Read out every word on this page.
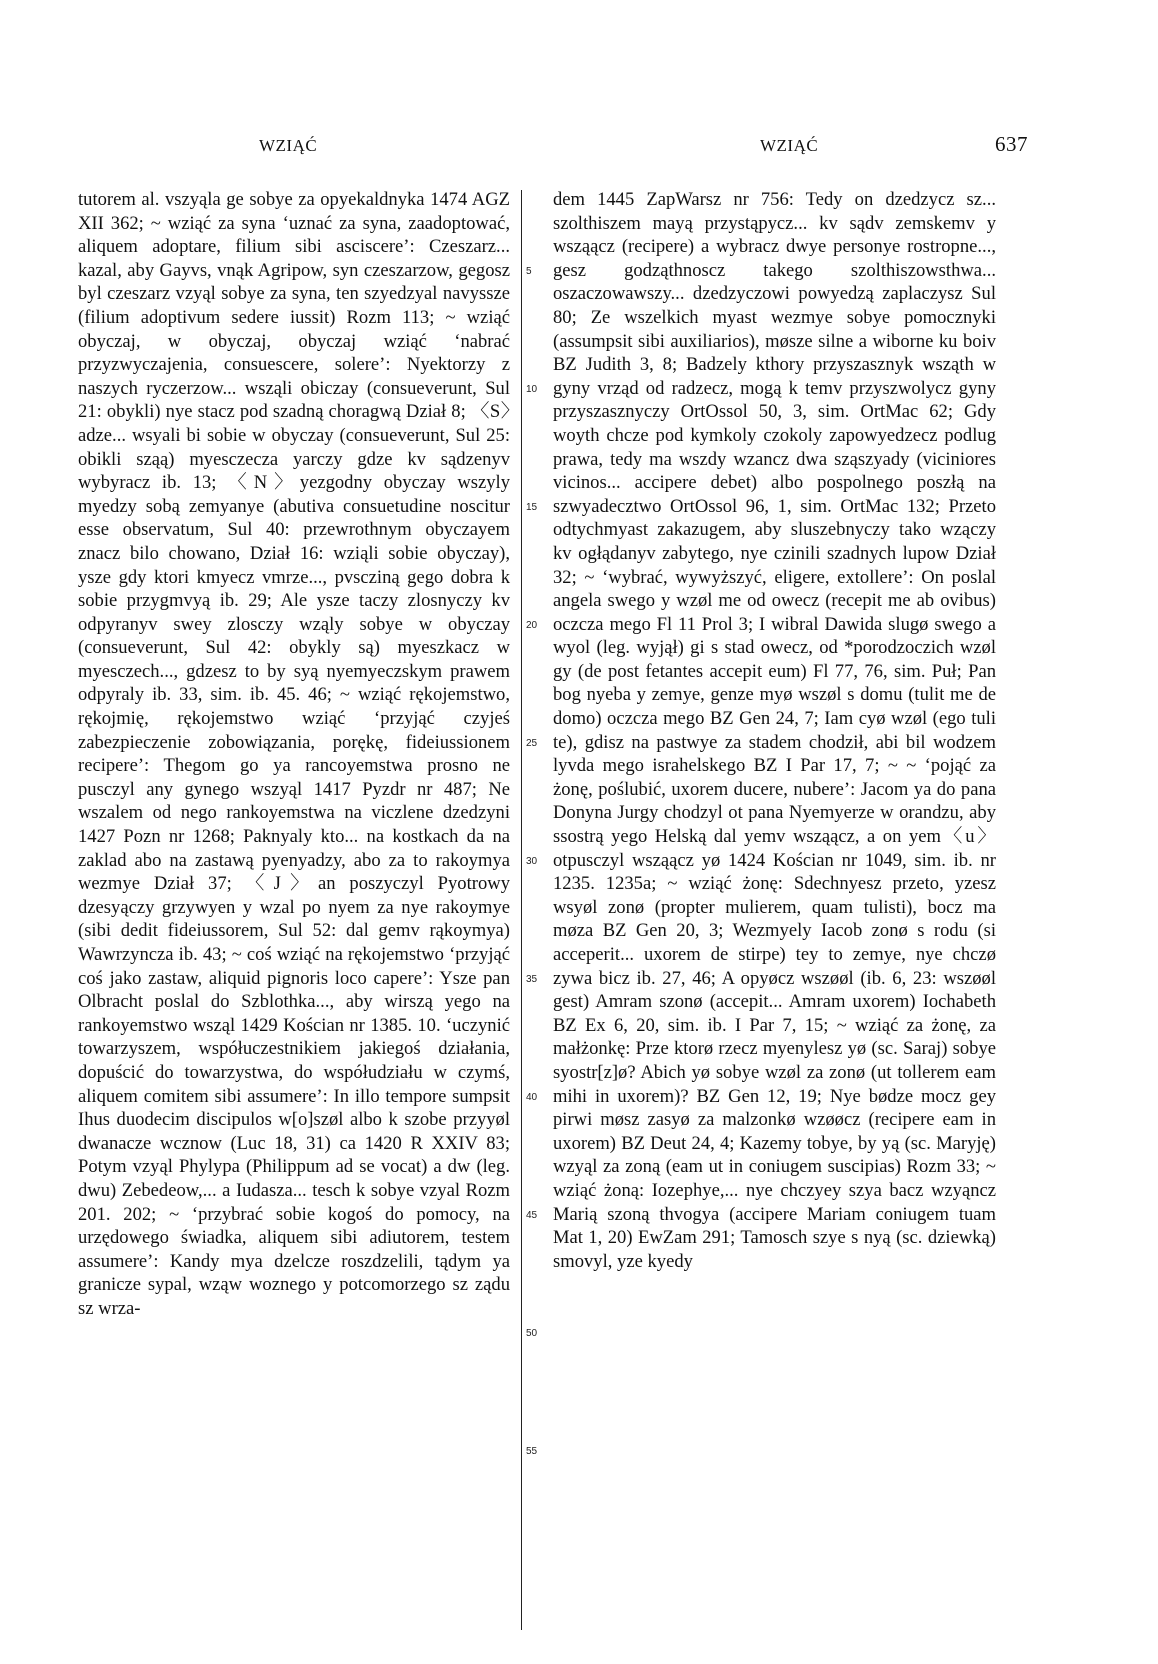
WZIĄĆ	WZIĄĆ	637

tutorem al. vszyąla ge sobye za opyekaldnyka 1474 AGZ XII 362; ~ wziąć za syna ʻuznać za syna, zaadoptować, aliquem adoptare, filium sibi asciscereʼ: Czeszarz... kazal, aby Gayvs, vnąk Agripow, syn czeszarzow, gegosz byl czeszarz vzyąl sobye za syna, ten szyedzyal navyssze (filium adoptivum sedere iussit) Rozm 113; ~ wziąć obyczaj, w obyczaj, obyczaj wziąć ʻnabrać przyzwyczajenia, consuescere, solereʼ: Nyektorzy z naszych ryczerzow... wsząli obiczay (consueverunt, Sul 21: obykli) nye stacz pod szadną choragwą Dział 8; 〈S〉adze... wsyali bi sobie w obyczay (consueverunt, Sul 25: obikli sząą) myesczecza yarczy gdze kv sądzenyv wybyracz ib. 13; 〈N〉yezgodny obyczay wszyly myedzy sobą zemyanye (abutiva consuetudine noscitur esse observatum, Sul 40: przewrothnym obyczayem znacz bilo chowano, Dział 16: wziąli sobie obyczay), ysze gdy ktori kmyecz vmrze..., pvscziną gego dobra k sobie przygmvyą ib. 29; Ale ysze taczy zlosnyczy kv odpyranyv swey zlosczy wząly sobye w obyczay (consueverunt, Sul 42: obykly są) myeszkacz w myesczech..., gdzesz to by syą nyemyeczskym prawem odpyraly ib. 33, sim. ib. 45. 46; ~ wziąć rękojemstwo, rękojmię, rękojemstwo wziąć ʻprzyjąć czyjeś zabezpieczenie zobowiązania, porękę, fideiussionem recipereʼ: Thegom go ya rancoyemstwa prosno ne pusczyl any gynego wszyąl 1417 Pyzdr nr 487; Ne wszalem od nego rankoyemstwa na viczlene dzedzyni 1427 Pozn nr 1268; Paknyaly kto... na kostkach da na zaklad abo na zastawą pyenyadzy, abo za to rakoymya wezmye Dział 37; 〈J〉an poszyczyl Pyotrowy dzesyączy grzywyen y wzal po nyem za nye rakoymye (sibi dedit fideiussorem, Sul 52: dal gemv rąkoymya) Wawrzyncza ib. 43; ~ coś wziąć na rękojemstwo ʻprzyjąć coś jako zastaw, aliquid pignoris loco capereʼ: Ysze pan Olbracht poslal do Szblothka..., aby wirszą yego na rankoyemstwo wsząl 1429 Kościan nr 1385. 10. ʻuczynić towarzyszem, współuczestnikiem jakiegoś działania, dopuścić do towarzystwa, do współudziału w czymś, aliquem comitem sibi assumereʼ: In illo tempore sumpsit Ihus duodecim discipulos w[o]szøl albo k szobe przyyøl dwanacze wcznow (Luc 18, 31) ca 1420 R XXIV 83; Potym vzyąl Phylypa (Philippum ad se vocat) a dw (leg. dwu) Zebedeow,... a Iudasza... tesch k sobye vzyal Rozm 201. 202; ~ ʻprzybrać sobie kogoś do pomocy, na urzędowego świadka, aliquem sibi adiutorem, testem assumereʼ: Kandy mya dzelcze roszdzelili, tądym ya granicze sypal, wząw woznego y potcomorzego sz ządu sz wrza-

5
10
15
20
25
30
35
40
45
50
55

dem 1445 ZapWarsz nr 756: Tedy on dzedzycz sz... szolthiszem mayą przystąpycz... kv sądv zemskemv y wsząącz (recipere) a wybracz dwye personye rostropne..., gesz godząthnoscz takego szolthiszowsthwa... oszaczowawszy... dzedzyczowi powyedzą zaplaczysz Sul 80; Ze wszelkich myast wezmye sobye pomocznyki (assumpsit sibi auxiliarios), møsze silne a wiborne ku boiv BZ Judith 3, 8; Badzely kthory przyszasznyk wsząth w gyny vrząd od radzecz, mogą k temv przyszwolycz gyny przyszasznyczy OrtOssol 50, 3, sim. OrtMac 62; Gdy woyth chcze pod kymkoly czokoly zapowyedzecz podlug prawa, tedy ma wszdy wzancz dwa sząszyady (viciniores vicinos... accipere debet) albo pospolnego poszłą na szwyadecztwo OrtOssol 96, 1, sim. OrtMac 132; Przeto odtychmyast zakazugem, aby sluszebnyczy tako wzączy kv ogłądanyv zabytego, nye czinili szadnych lupow Dział 32; ~ ʻwybrać, wywyższyć, eligere, extollereʼ: On poslal angela swego y wzøl me od owecz (recepit me ab ovibus) oczcza mego Fl 11 Prol 3; I wibral Dawida slugø swego a wyol (leg. wyjął) gi s stad owecz, od *porodzoczich wzøl gy (de post fetantes accepit eum) Fl 77, 76, sim. Puł; Pan bog nyeba y zemye, genze myø wszøl s domu (tulit me de domo) oczcza mego BZ Gen 24, 7; Iam cyø wzøl (ego tuli te), gdisz na pastwye za stadem chodził, abi bil wodzem lyvda mego israhelskego BZ I Par 17, 7; ~ ~ ʻpojąć za żonę, poślubić, uxorem ducere, nubereʼ: Jacom ya do pana Donyna Jurgy chodzyl ot pana Nyemyerze w orandzu, aby ssostrą yego Helską dal yemv wsząącz, a on yem〈u〉 otpusczyl wsząącz yø 1424 Kościan nr 1049, sim. ib. nr 1235. 1235a; ~ wziąć żonę: Sdechnyesz przeto, yzesz wsyøl zonø (propter mulierem, quam tulisti), bocz ma møza BZ Gen 20, 3; Wezmyely Iacob zonø s rodu (si acceperit... uxorem de stirpe) tey to zemye, nye chczø zywa bicz ib. 27, 46; A opyøcz wszøøl (ib. 6, 23: wszøøl gest) Amram szonø (accepit... Amram uxorem) Iochabeth BZ Ex 6, 20, sim. ib. I Par 7, 15; ~ wziąć za żonę, za małżonkę: Prze ktorø rzecz myenylesz yø (sc. Saraj) sobye syostr[z]ø? Abich yø sobye wzøl za zonø (ut tollerem eam mihi in uxorem)? BZ Gen 12, 19; Nye bødze mocz gey pirwi møsz zasyø za malzonkø wzøøcz (recipere eam in uxorem) BZ Deut 24, 4; Kazemy tobye, by yą (sc. Maryję) wzyąl za zoną (eam ut in coniugem suscipias) Rozm 33; ~ wziąć żoną: Iozephye,... nye chczyey szya bacz wzyąncz Marią szoną thvogya (accipere Mariam coniugem tuam Mat 1, 20) EwZam 291; Tamosch szye s nyą (sc. dziewką) smovyl, yze kyedy
